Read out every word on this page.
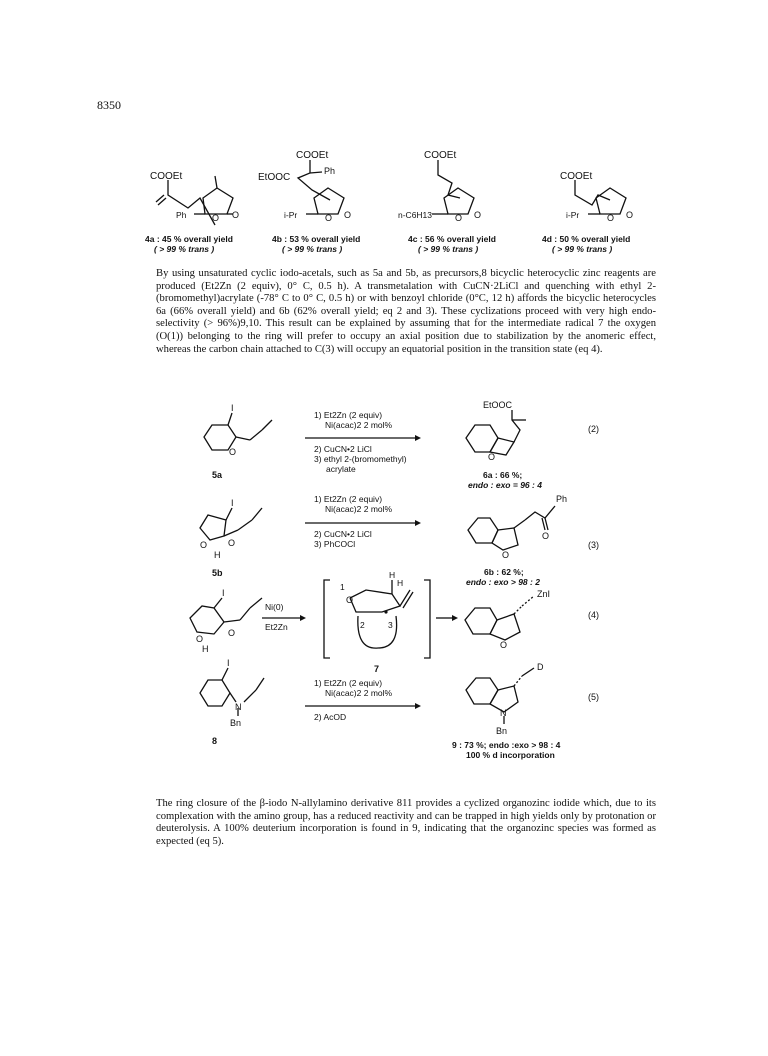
8350
COOEt
Ph	O O
4a : 45 % overall yield
( > 99 % trans )
COOEt
EtOOC
Ph
i-Pr	O O
4b : 53 % overall yield
( > 99 % trans )
COOEt
n-C6H13	O O
4c : 56 % overall yield
( > 99 % trans )
COOEt
i-Pr	O O
4d : 50 % overall yield
( > 99 % trans )
I
O
5a
1) Et2Zn (2 equiv)
Ni(acac)2 2 mol%
2) CuCN•2 LiCl
3) ethyl 2-(bromomethyl)
acrylate
EtOOC
O
6a : 66 %;
endo : exo = 96 : 4
(2)
I
O O
H
5b
1) Et2Zn (2 equiv)
Ni(acac)2 2 mol%
2) CuCN•2 LiCl
3) PhCOCl
Ph
O
O
6b : 62 %;
endo : exo > 98 : 2
(3)
I
O
O
H
Ni(0)
Et2Zn
1
O
H
H
2	3
7
ZnI
O
(4)
I
N
Bn
8
1) Et2Zn (2 equiv)
Ni(acac)2 2 mol%
2) AcOD
D
N
Bn
9 : 73 %; endo :exo > 98 : 4
100 % d incorporation
(5)
By using unsaturated cyclic iodo-acetals, such as 5a and 5b, as precursors,8 bicyclic heterocyclic zinc reagents are produced (Et2Zn (2 equiv), 0° C, 0.5 h). A transmetalation with CuCN·2LiCl and quenching with ethyl 2-(bromomethyl)acrylate (-78° C to 0° C, 0.5 h) or with benzoyl chloride (0°C, 12 h) affords the bicyclic heterocycles 6a (66% overall yield) and 6b (62% overall yield; eq 2 and 3). These cyclizations proceed with very high endo-selectivity (> 96%)9,10. This result can be explained by assuming that for the intermediate radical 7 the oxygen (O(1)) belonging to the ring will prefer to occupy an axial position due to stabilization by the anomeric effect, whereas the carbon chain attached to C(3) will occupy an equatorial position in the transition state (eq 4).
The ring closure of the β-iodo N-allylamino derivative 811 provides a cyclized organozinc iodide which, due to its complexation with the amino group, has a reduced reactivity and can be trapped in high yields only by protonation or deuterolysis. A 100% deuterium incorporation is found in 9, indicating that the organozinc species was formed as expected (eq 5).
